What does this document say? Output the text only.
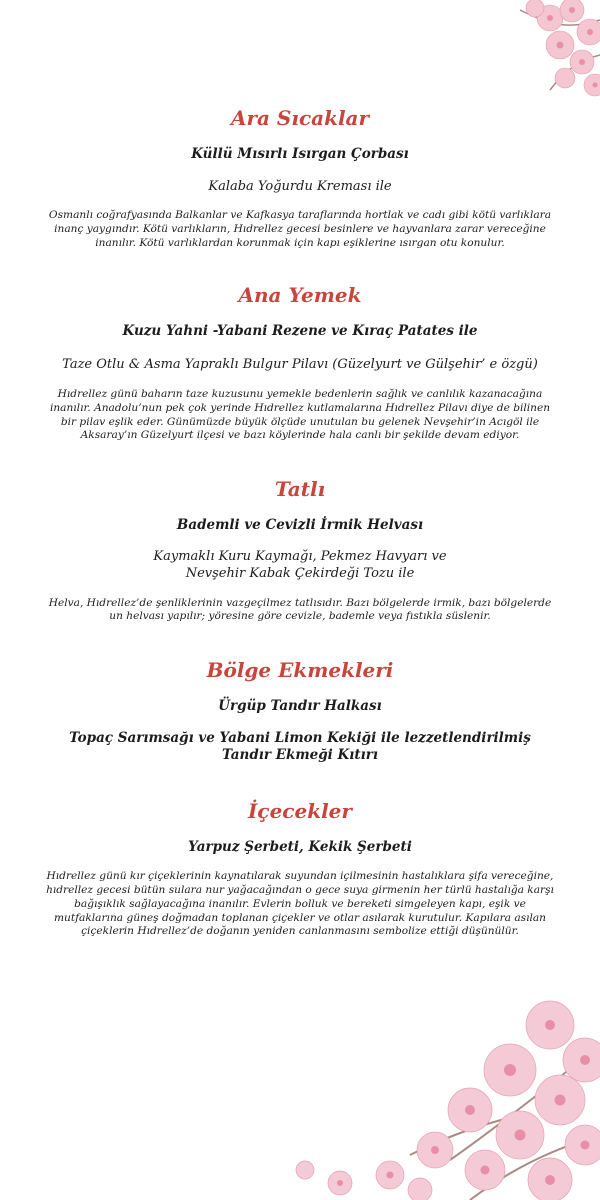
Ara Sıcaklar

Küllü Mısırlı Isırgan Çorbası

Kalaba Yoğurdu Kreması ile

Osmanlı coğrafyasında Balkanlar ve Kafkasya taraflarında hortlak ve cadı gibi kötü varlıklara inanç yaygındır. Kötü varlıkların, Hıdrellez gecesi besinlere ve hayvanlara zarar vereceğine inanılır. Kötü varlıklardan korunmak için kapı eşiklerine ısırgan otu konulur.

Ana Yemek

Kuzu Yahni -Yabani Rezene ve Kıraç Patates ile

Taze Otlu & Asma Yapraklı Bulgur Pilavı (Güzelyurt ve Gülşehir’ e özgü)

Hıdrellez günü baharın taze kuzusunu yemekle bedenlerin sağlık ve canlılık kazanacağına inanılır. Anadolu’nun pek çok yerinde Hıdrellez kutlamalarına Hıdrellez Pilavı diye de bilinen bir pilav eşlik eder. Günümüzde büyük ölçüde unutulan bu gelenek Nevşehir’in Acıgöl ile Aksaray’ın Güzelyurt ilçesi ve bazı köylerinde hala canlı bir şekilde devam ediyor.

Tatlı

Bademli ve Cevizli İrmik Helvası

Kaymaklı Kuru Kaymağı, Pekmez Havyarı ve

Nevşehir Kabak Çekirdeği Tozu ile

Helva, Hıdrellez’de şenliklerinin vazgeçilmez tatlısıdır. Bazı bölgelerde irmik, bazı bölgelerde un helvası yapılır; yöresine göre cevizle, bademle veya fıstıkla süslenir.

Bölge Ekmekleri

Ürgüp Tandır Halkası

Topaç Sarımsağı ve Yabani Limon Kekiği ile lezzetlendirilmiş

Tandır Ekmeği Kıtırı

İçecekler

Yarpuz Şerbeti, Kekik Şerbeti

Hıdrellez günü kır çiçeklerinin kaynatılarak suyundan içilmesinin hastalıklara şifa vereceğine, hıdrellez gecesi bütün sulara nur yağacağından o gece suya girmenin her türlü hastalığa karşı bağışıklık sağlayacağına inanılır. Evlerin bolluk ve bereketi simgeleyen kapı, eşik ve mutfaklarına güneş doğmadan toplanan çiçekler ve otlar asılarak kurutulur. Kapılara asılan çiçeklerin Hıdrellez’de doğanın yeniden canlanmasını sembolize ettiği düşünülür.
